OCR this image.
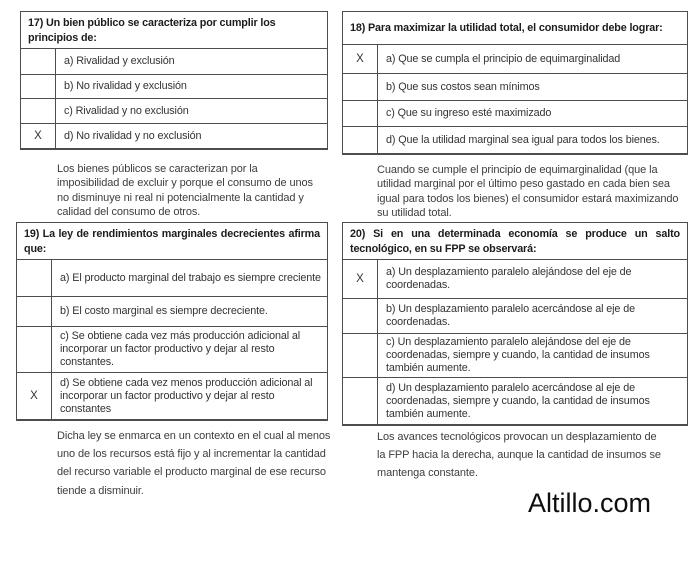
17) Un bien público se caracteriza por cumplir los principios de:
a) Rivalidad y exclusión
b) No rivalidad y exclusión
c) Rivalidad y no exclusión
X	d) No rivalidad y no exclusión
Los bienes públicos se caracterizan por la imposibilidad de excluir y porque el consumo de unos no disminuye ni real ni potencialmente la cantidad y calidad del consumo de otros.
18) Para maximizar la utilidad total, el consumidor debe lograr:
X	a) Que se cumpla el principio de equimarginalidad
b) Que sus costos sean mínimos
c) Que su ingreso esté maximizado
d) Que la utilidad marginal sea igual para todos los bienes.
Cuando se cumple el principio de equimarginalidad (que la utilidad marginal por el último peso gastado en cada bien sea igual para todos los bienes) el consumidor estará maximizando su utilidad total.
19) La ley de rendimientos marginales decrecientes afirma que:
a) El producto marginal del trabajo es siempre creciente
b) El costo marginal es siempre decreciente.
c) Se obtiene cada vez más producción adicional al incorporar un factor productivo y dejar al resto constantes.
X
d) Se obtiene cada vez menos producción adicional al incorporar un factor productivo y dejar al resto constantes
Dicha ley se enmarca en un contexto en el cual al menos uno de los recursos está fijo y al incrementar la cantidad del recurso variable el producto marginal de ese recurso tiende a disminuir.
20) Si en una determinada economía se produce un salto tecnológico, en su FPP se observará:
X
a) Un desplazamiento paralelo alejándose del eje de coordenadas.
b) Un desplazamiento paralelo acercándose al eje de coordenadas.
c) Un desplazamiento paralelo alejándose del eje de coordenadas, siempre y cuando, la cantidad de insumos también aumente.
d) Un desplazamiento paralelo acercándose al eje de coordenadas, siempre y cuando, la cantidad de insumos también aumente.
Los avances tecnológicos provocan un desplazamiento de la FPP hacia la derecha, aunque la cantidad de insumos se mantenga constante.
Altillo.com
